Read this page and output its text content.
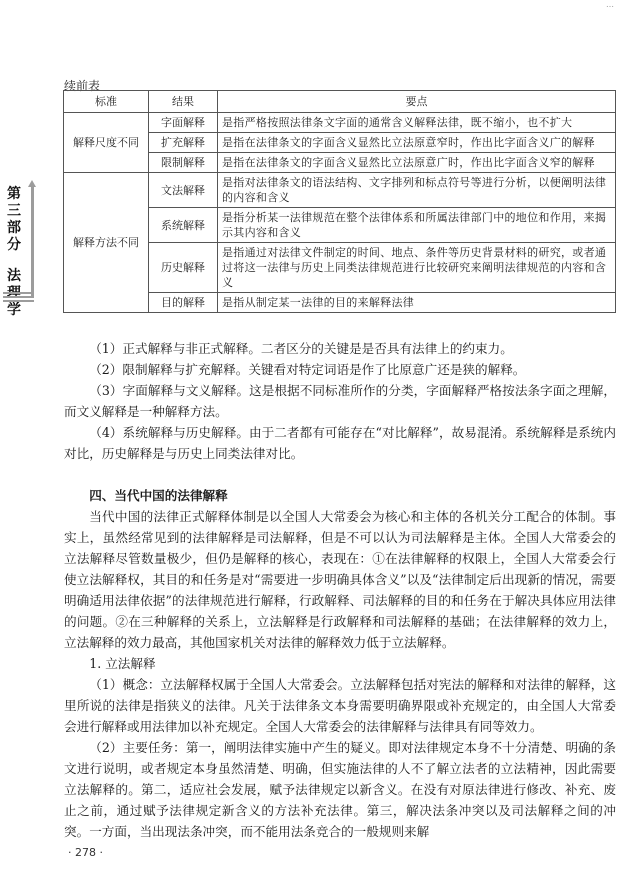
…
续前表
标准	结果	要点
解释尺度不同	字面解释	是指严格按照法律条文字面的通常含义解释法律，既不缩小，也不扩大
	扩充解释	是指在法律条文的字面含义显然比立法原意窄时，作出比字面含义广的解释
	限制解释	是指在法律条文的字面含义显然比立法原意广时，作出比字面含义窄的解释
解释方法不同	文法解释	是指对法律条文的语法结构、文字排列和标点符号等进行分析，以便阐明法律的内容和含义
	系统解释	是指分析某一法律规范在整个法律体系和所属法律部门中的地位和作用，来揭示其内容和含义
	历史解释	是指通过对法律文件制定的时间、地点、条件等历史背景材料的研究，或者通过将这一法律与历史上同类法律规范进行比较研究来阐明法律规范的内容和含义
	目的解释	是指从制定某一法律的目的来解释法律
第
三
部
分
法
学

（1）正式解释与非正式解释。二者区分的关键是是否具有法律上的约束力。

（2）限制解释与扩充解释。关键看对特定词语是作了比原意广还是狭的解释。

（3）字面解释与文义解释。这是根据不同标准所作的分类，字面解释严格按法条字面之理解，而文义解释是一种解释方法。

（4）系统解释与历史解释。由于二者都有可能存在“对比解释”，故易混淆。系统解释是系统内对比，历史解释是与历史上同类法律对比。

四、当代中国的法律解释

当代中国的法律正式解释体制是以全国人大常委会为核心和主体的各机关分工配合的体制。事实上，虽然经常见到的法律解释是司法解释，但是不可以认为司法解释是主体。全国人大常委会的立法解释尽管数量极少，但仍是解释的核心，表现在：①在法律解释的权限上，全国人大常委会行使立法解释权，其目的和任务是对“需要进一步明确具体含义”以及“法律制定后出现新的情况，需要明确适用法律依据”的法律规范进行解释，行政解释、司法解释的目的和任务在于解决具体应用法律的问题。②在三种解释的关系上，立法解释是行政解释和司法解释的基础；在法律解释的效力上，立法解释的效力最高，其他国家机关对法律的解释效力低于立法解释。

1. 立法解释

（1）概念：立法解释权属于全国人大常委会。立法解释包括对宪法的解释和对法律的解释，这里所说的法律是指狭义的法律。凡关于法律条文本身需要明确界限或补充规定的，由全国人大常委会进行解释或用法律加以补充规定。全国人大常委会的法律解释与法律具有同等效力。

（2）主要任务：第一，阐明法律实施中产生的疑义。即对法律规定本身不十分清楚、明确的条文进行说明，或者规定本身虽然清楚、明确，但实施法律的人不了解立法者的立法精神，因此需要立法解释的。第二，适应社会发展，赋予法律规定以新含义。在没有对原法律进行修改、补充、废止之前，通过赋予法律规定新含义的方法补充法律。第三，解决法条冲突以及司法解释之间的冲突。一方面，当出现法条冲突，而不能用法条竞合的一般规则来解

· 278 ·
